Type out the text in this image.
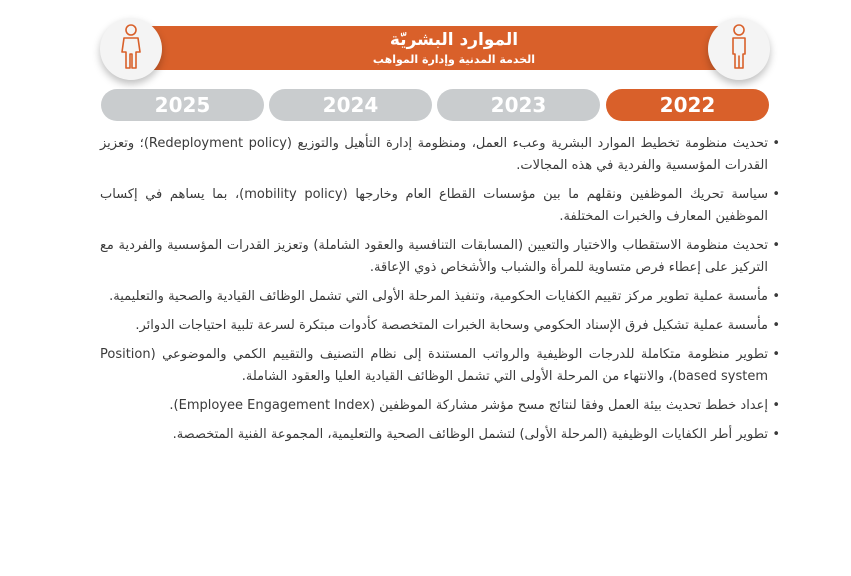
الموارد البشريّة
الخدمة المدنية وإدارة المواهب
2022
2023
2024
2025
•
تحديث منظومة تخطيط الموارد البشرية وعبء العمل، ومنظومة إدارة التأهيل والتوزيع (Redeployment policy)؛ وتعزيز القدرات المؤسسية والفردية في هذه المجالات.
•
سياسة تحريك الموظفين ونقلهم ما بين مؤسسات القطاع العام وخارجها (mobility policy)، بما يساهم في إكساب الموظفين المعارف والخبرات المختلفة.
•
تحديث منظومة الاستقطاب والاختيار والتعيين (المسابقات التنافسية والعقود الشاملة) وتعزيز القدرات المؤسسية والفردية مع التركيز على إعطاء فرص متساوية للمرأة والشباب والأشخاص ذوي الإعاقة.
•
مأسسة عملية تطوير مركز تقييم الكفايات الحكومية، وتنفيذ المرحلة الأولى التي تشمل الوظائف القيادية والصحية والتعليمية.
•
مأسسة عملية تشكيل فرق الإسناد الحكومي وسحابة الخبرات المتخصصة كأدوات مبتكرة لسرعة تلبية احتياجات الدوائر.
•
تطوير منظومة متكاملة للدرجات الوظيفية والرواتب المستندة إلى نظام التصنيف والتقييم الكمي والموضوعي (Position based system)، والانتهاء من المرحلة الأولى التي تشمل الوظائف القيادية العليا والعقود الشاملة.
•
إعداد خطط تحديث بيئة العمل وفقا لنتائج مسح مؤشر مشاركة الموظفين (Employee Engagement Index).
•
تطوير أطر الكفايات الوظيفية (المرحلة الأولى) لتشمل الوظائف الصحية والتعليمية، المجموعة الفنية المتخصصة.
